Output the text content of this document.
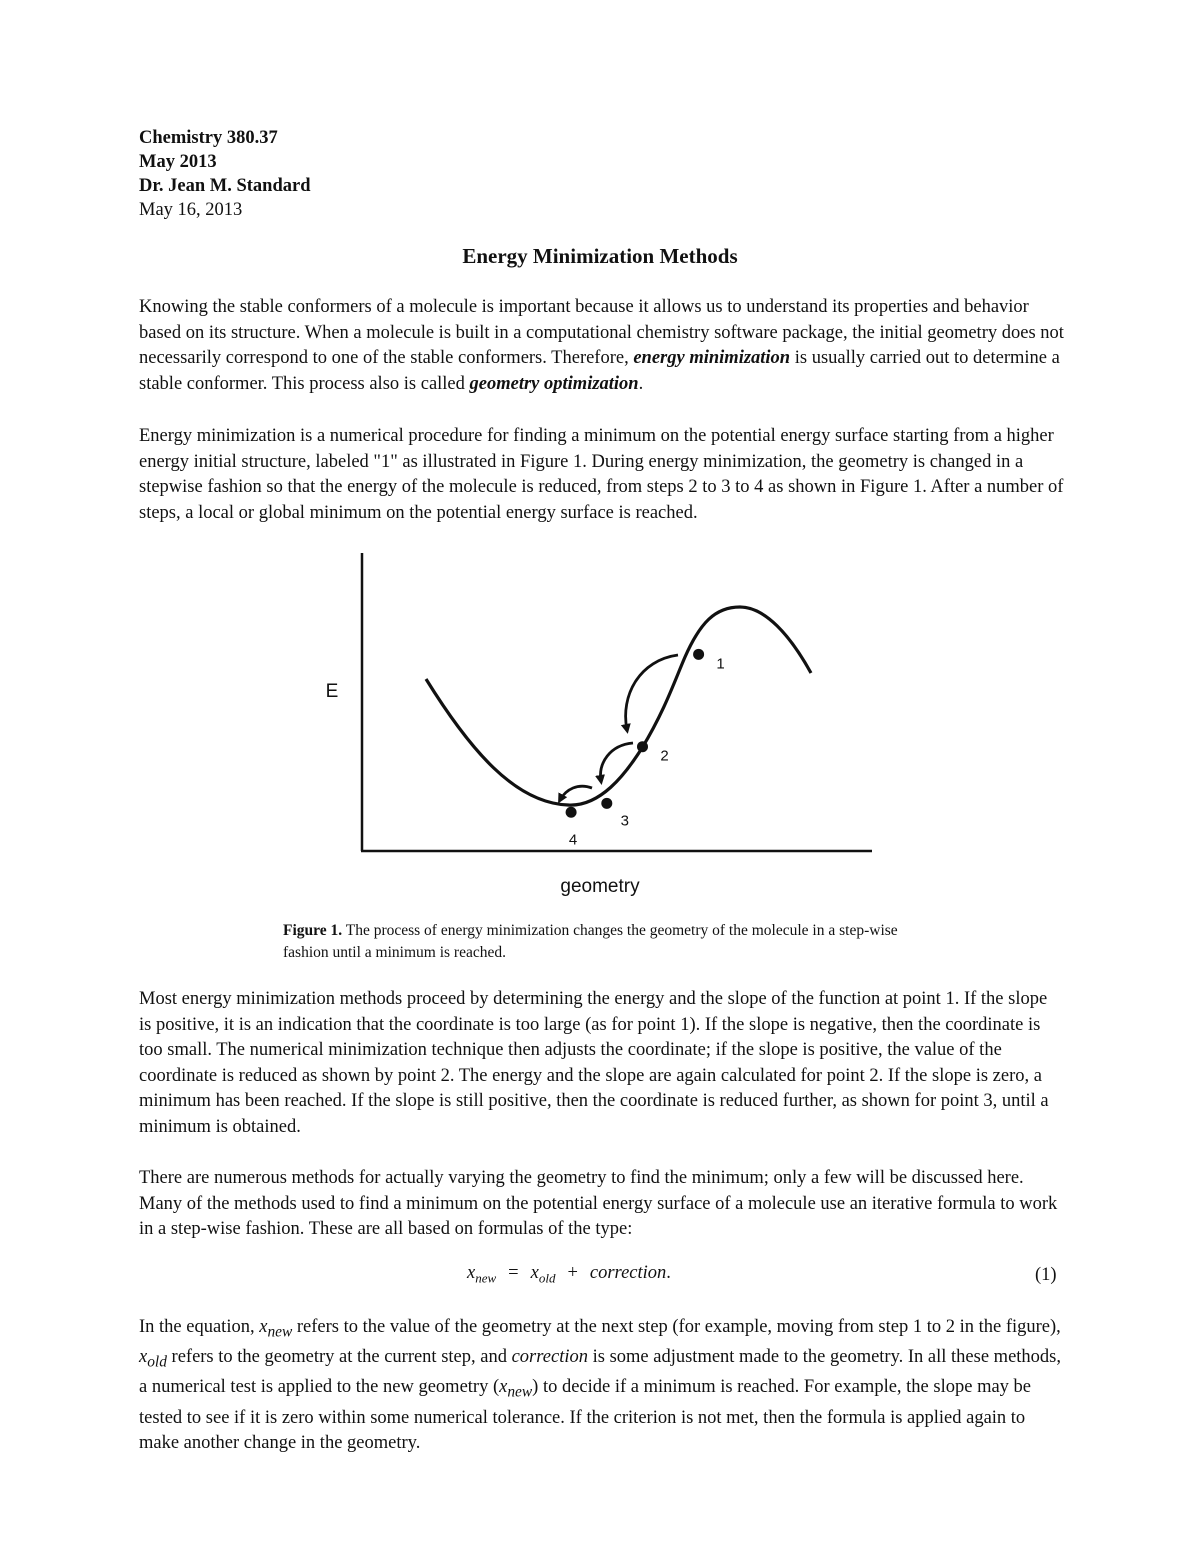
Chemistry 380.37
May 2013
Dr. Jean M. Standard
May 16, 2013
Energy Minimization Methods

Knowing the stable conformers of a molecule is important because it allows us to understand its properties and behavior based on its structure. When a molecule is built in a computational chemistry software package, the initial geometry does not necessarily correspond to one of the stable conformers. Therefore, energy minimization is usually carried out to determine a stable conformer. This process also is called geometry optimization.

Energy minimization is a numerical procedure for finding a minimum on the potential energy surface starting from a higher energy initial structure, labeled "1" as illustrated in Figure 1. During energy minimization, the geometry is changed in a stepwise fashion so that the energy of the molecule is reduced, from steps 2 to 3 to 4 as shown in Figure 1. After a number of steps, a local or global minimum on the potential energy surface is reached.

1
2
3
4
E
geometry
Figure 1. The process of energy minimization changes the geometry of the molecule in a step-wise fashion until a minimum is reached.

Most energy minimization methods proceed by determining the energy and the slope of the function at point 1. If the slope is positive, it is an indication that the coordinate is too large (as for point 1). If the slope is negative, then the coordinate is too small. The numerical minimization technique then adjusts the coordinate; if the slope is positive, the value of the coordinate is reduced as shown by point 2. The energy and the slope are again calculated for point 2. If the slope is zero, a minimum has been reached. If the slope is still positive, then the coordinate is reduced further, as shown for point 3, until a minimum is obtained.

There are numerous methods for actually varying the geometry to find the minimum; only a few will be discussed here. Many of the methods used to find a minimum on the potential energy surface of a molecule use an iterative formula to work in a step-wise fashion. These are all based on formulas of the type:

$x_{new} = x_{old}$ + correction.	(1)

In the equation, $x_{new}$ refers to the value of the geometry at the next step (for example, moving from step 1 to 2 in the figure), $x_{old}$ refers to the geometry at the current step, and correction is some adjustment made to the geometry. In all these methods, a numerical test is applied to the new geometry $(x_{new})$ to decide if a minimum is reached. For example, the slope may be tested to see if it is zero within some numerical tolerance. If the criterion is not met, then the formula is applied again to make another change in the geometry.
